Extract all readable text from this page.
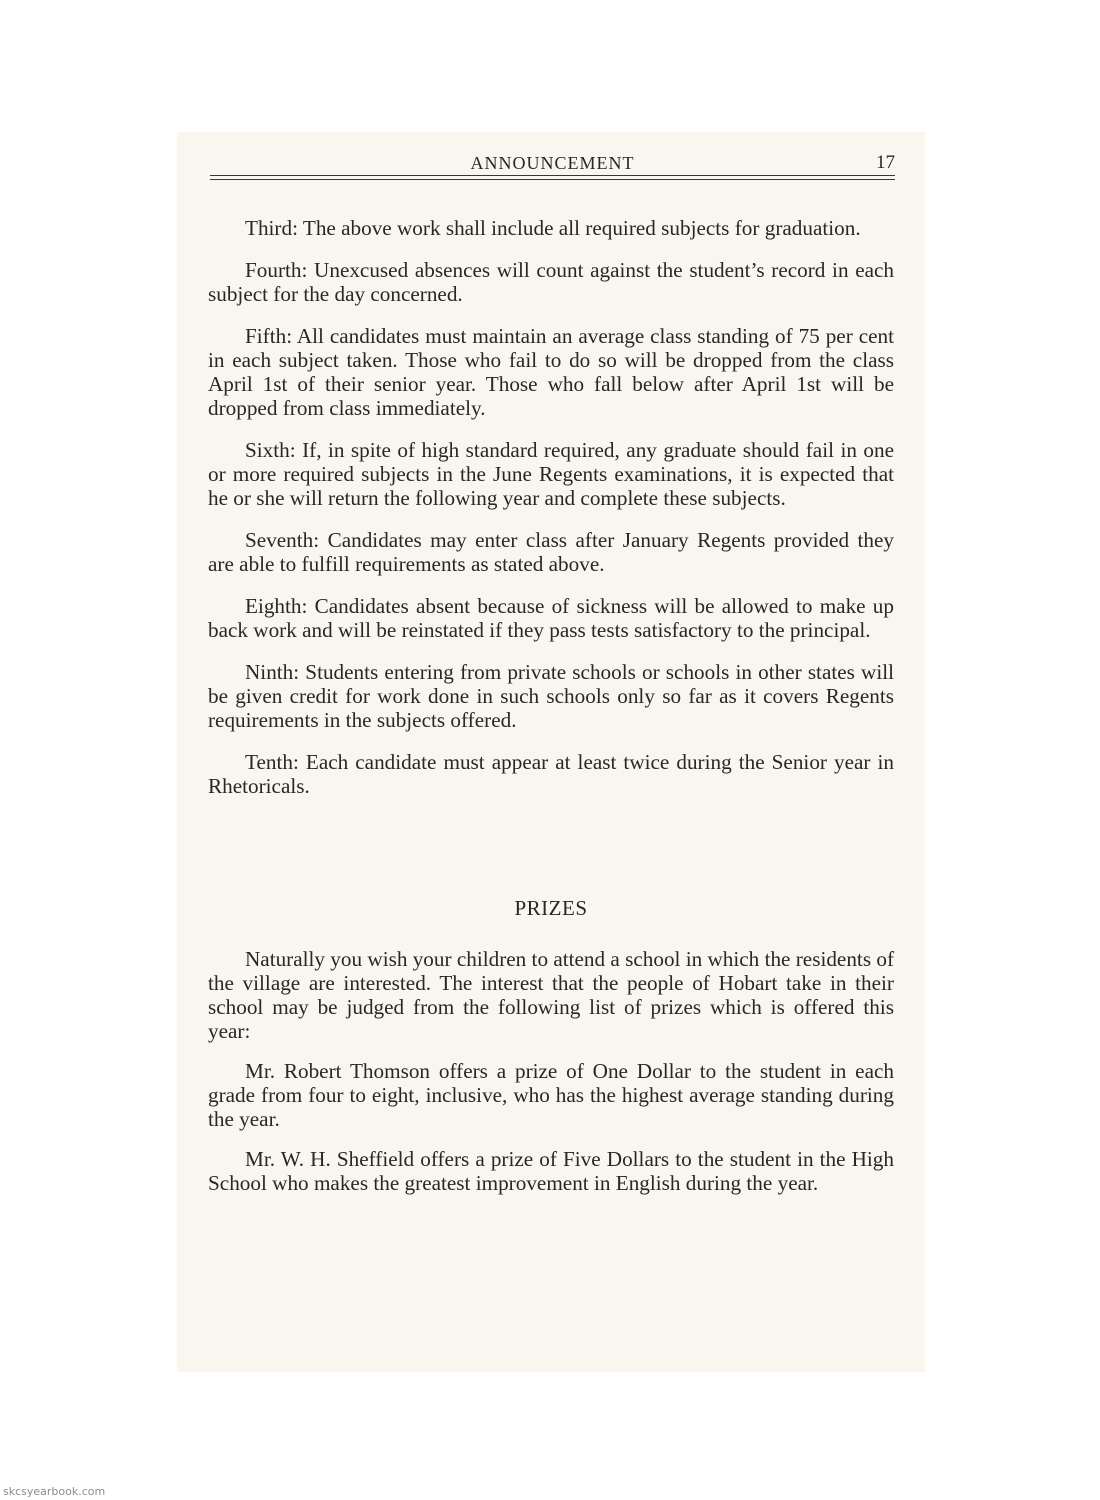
ANNOUNCEMENT	17

Third: The above work shall include all required subjects for graduation.

Fourth: Unexcused absences will count against the student’s record in each subject for the day concerned.

Fifth: All candidates must maintain an average class standing of 75 per cent in each subject taken. Those who fail to do so will be dropped from the class April 1st of their senior year. Those who fall below after April 1st will be dropped from class immediately.

Sixth: If, in spite of high standard required, any graduate should fail in one or more required subjects in the June Regents examinations, it is expected that he or she will return the following year and complete these subjects.

Seventh: Candidates may enter class after January Regents provided they are able to fulfill requirements as stated above.

Eighth: Candidates absent because of sickness will be allowed to make up back work and will be reinstated if they pass tests satisfactory to the principal.

Ninth: Students entering from private schools or schools in other states will be given credit for work done in such schools only so far as it covers Regents requirements in the subjects offered.

Tenth: Each candidate must appear at least twice during the Senior year in Rhetoricals.

PRIZES

Naturally you wish your children to attend a school in which the residents of the village are interested. The interest that the people of Hobart take in their school may be judged from the following list of prizes which is offered this year:

Mr. Robert Thomson offers a prize of One Dollar to the student in each grade from four to eight, inclusive, who has the highest average standing during the year.

Mr. W. H. Sheffield offers a prize of Five Dollars to the student in the High School who makes the greatest improvement in English during the year.

skcsyearbook.com
